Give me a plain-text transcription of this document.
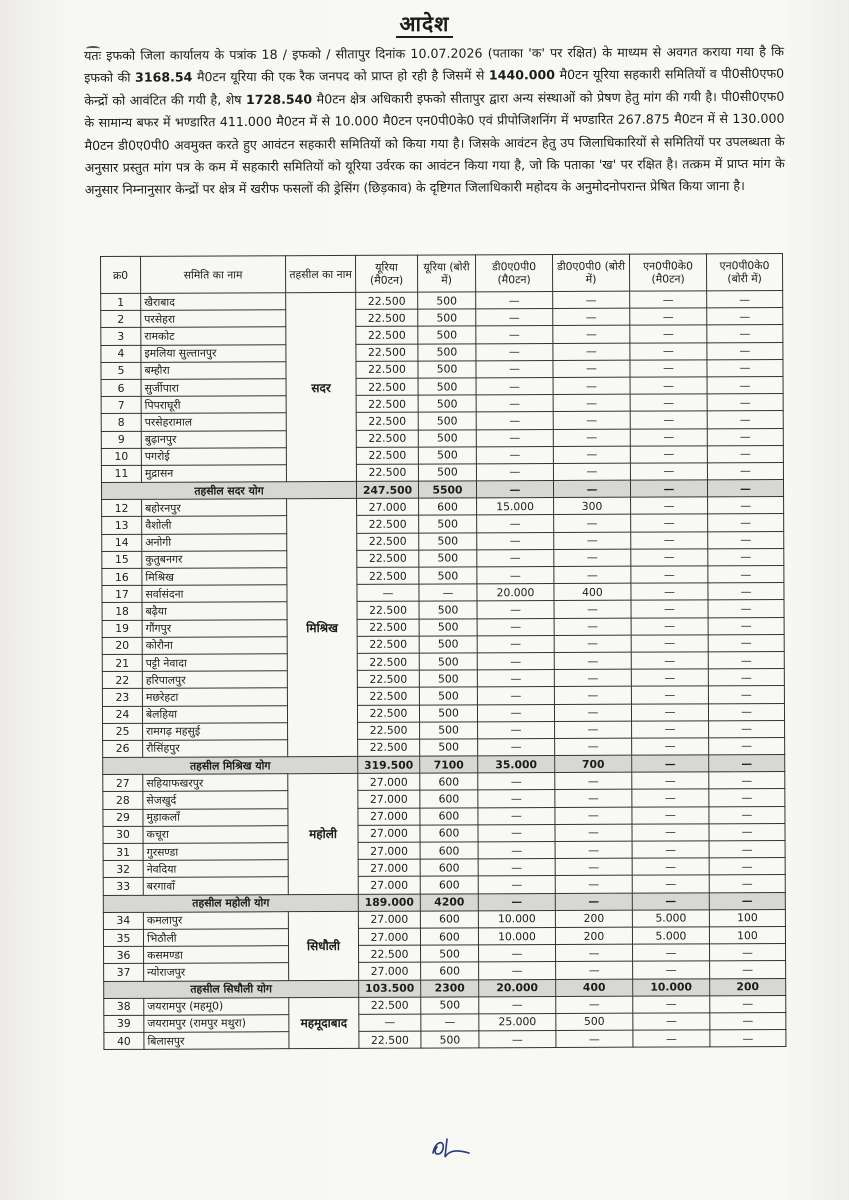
आदेश
यतः इफको जिला कार्यालय के पत्रांक 18 / इफको / सीतापुर दिनांक 10.07.2026 (पताका 'क' पर रक्षित) के माध्यम से अवगत कराया गया है कि इफको की 3168.54 मै0टन यूरिया की एक रैक जनपद को प्राप्त हो रही है जिसमें से 1440.000 मै0टन यूरिया सहकारी समितियों व पी0सी0एफ0 केन्द्रों को आवंटित की गयी है, शेष 1728.540 मै0टन क्षेत्र अधिकारी इफको सीतापुर द्वारा अन्य संस्थाओं को प्रेषण हेतु मांग की गयी है। पी0सी0एफ0 के सामान्य बफर में भण्डारित 411.000 मै0टन में से 10.000 मै0टन एन0पी0के0 एवं प्रीपोजिशनिंग में भण्डारित 267.875 मै0टन में से 130.000 मै0टन डी0ए0पी0 अवमुक्त करते हुए आवंटन सहकारी समितियों को किया गया है। जिसके आवंटन हेतु उप जिलाधिकारियों से समितियों पर उपलब्धता के अनुसार प्रस्तुत मांग पत्र के कम में सहकारी समितियों को यूरिया उर्वरक का आवंटन किया गया है, जो कि पताका 'ख' पर रक्षित है। तत्क्रम में प्राप्त मांग के अनुसार निम्नानुसार केन्द्रों पर क्षेत्र में खरीफ फसलों की ड्रेसिंग (छिड़काव) के दृष्टिगत जिलाधिकारी महोदय के अनुमोदनोपरान्त प्रेषित किया जाना है।
क्र0	समिति का नाम	तहसील का नाम	यूरिया (मै0टन)	यूरिया (बोरी में)	डी0ए0पी0 (मै0टन)	डी0ए0पी0 (बोरी में)	एन0पी0के0 (मै0टन)	एन0पी0के0 (बोरी में)
1	खैराबाद	सदर	22.500	500	—	—	—	—
2	परसेहरा		22.500	500	—	—	—	—
3	रामकोट		22.500	500	—	—	—	—
4	इमलिया सुल्तानपुर		22.500	500	—	—	—	—
5	बम्हौरा		22.500	500	—	—	—	—
6	सुर्जीपारा		22.500	500	—	—	—	—
7	पिपराघूरी		22.500	500	—	—	—	—
8	परसेहरामाल		22.500	500	—	—	—	—
9	बुढ़ानपुर		22.500	500	—	—	—	—
10	पगरोई		22.500	500	—	—	—	—
11	मुद्रासन		22.500	500	—	—	—	—
तहसील सदर योग			247.500	5500	—	—	—	—
12	बहोरनपुर	मिश्रिख	27.000	600	15.000	300	—	—
13	वैशोली		22.500	500	—	—	—	—
14	अनोगी		22.500	500	—	—	—	—
15	कुतुबनगर		22.500	500	—	—	—	—
16	मिश्रिख		22.500	500	—	—	—	—
17	सर्वासंदना		—	—	20.000	400	—	—
18	बढ़ैया		22.500	500	—	—	—	—
19	गौंगपुर		22.500	500	—	—	—	—
20	कोरौना		22.500	500	—	—	—	—
21	पट्टी नेवादा		22.500	500	—	—	—	—
22	हरिपालपुर		22.500	500	—	—	—	—
23	मछरेहटा		22.500	500	—	—	—	—
24	बेलहिया		22.500	500	—	—	—	—
25	रामगढ़ महसुई		22.500	500	—	—	—	—
26	रौसिंहपुर		22.500	500	—	—	—	—
तहसील मिश्रिख योग			319.500	7100	35.000	700	—	—
27	सहियाफखरपुर	महोली	27.000	600	—	—	—	—
28	सेजखुर्द		27.000	600	—	—	—	—
29	मुड़ाकलाँ		27.000	600	—	—	—	—
30	कचूरा		27.000	600	—	—	—	—
31	गुरसण्डा		27.000	600	—	—	—	—
32	नेवदिया		27.000	600	—	—	—	—
33	बरगावाँ		27.000	600	—	—	—	—
तहसील महोली योग			189.000	4200	—	—	—	—
34	कमलापुर	सिधौली	27.000	600	10.000	200	5.000	100
35	भिठौली		27.000	600	10.000	200	5.000	100
36	कसमण्डा		22.500	500	—	—	—	—
37	न्योराजपुर		27.000	600	—	—	—	—
तहसील सिधौली योग			103.500	2300	20.000	400	10.000	200
38	जयरामपुर (महमू0)	महमूदाबाद	22.500	500	—	—	—	—
39	जयरामपुर (रामपुर मथुरा)		—	—	25.000	500	—	—
40	बिलासपुर		22.500	500	—	—	—	—
